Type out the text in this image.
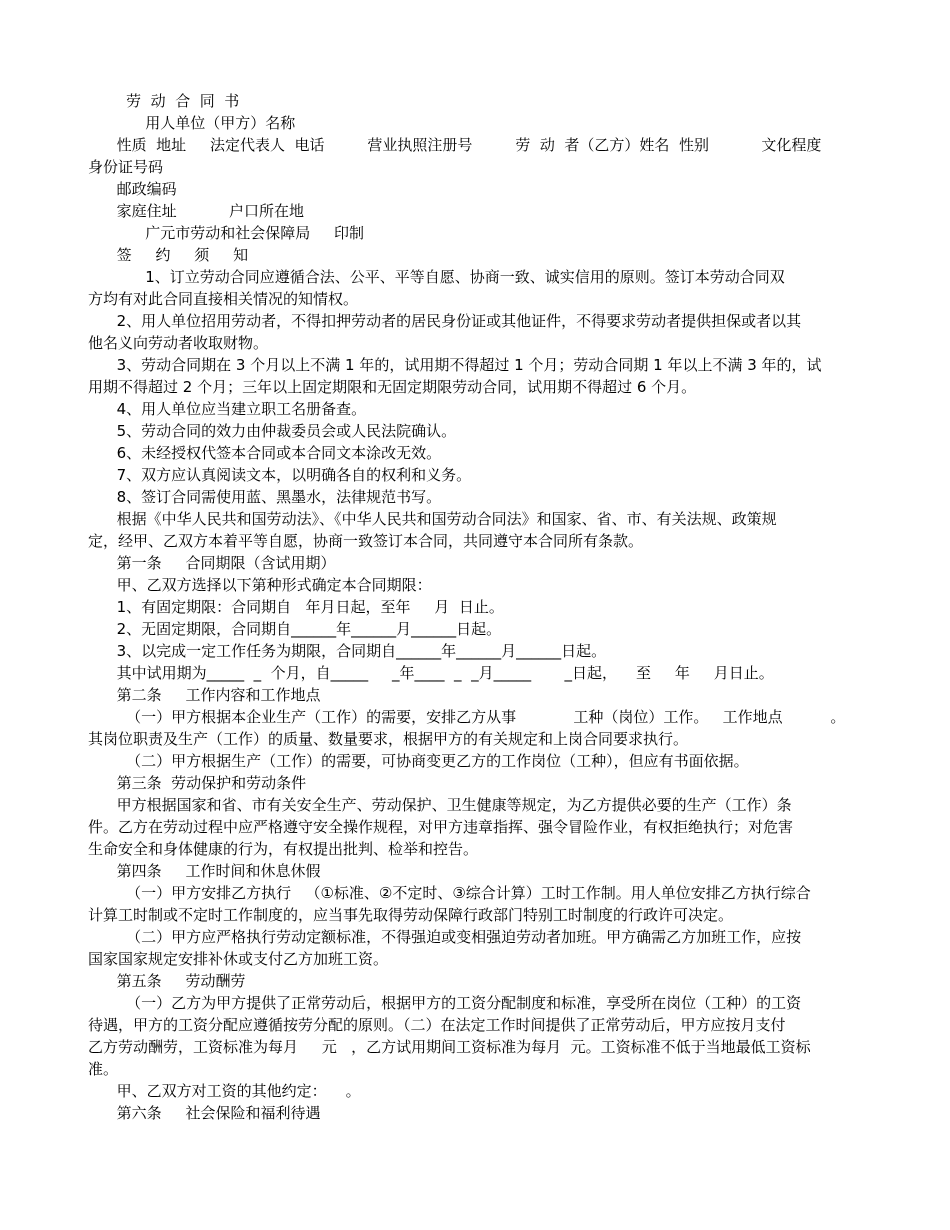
劳  动  合  同  书
用人单位（甲方）名称
性质  地址     法定代表人  电话         营业执照注册号         劳  动  者（乙方）姓名  性别           文化程度
身份证号码
邮政编码
家庭住址           户口所在地
广元市劳动和社会保障局     印制
签     约     须     知
1、订立劳动合同应遵循合法、公平、平等自愿、协商一致、诚实信用的原则。签订本劳动合同双
方均有对此合同直接相关情况的知情权。
2、用人单位招用劳动者，不得扣押劳动者的居民身份证或其他证件，不得要求劳动者提供担保或者以其
他名义向劳动者收取财物。
3、劳动合同期在 3 个月以上不满 1 年的，试用期不得超过 1 个月；劳动合同期 1 年以上不满 3 年的，试
用期不得超过 2 个月；三年以上固定期限和无固定期限劳动合同，试用期不得超过 6 个月。
4、用人单位应当建立职工名册备查。
5、劳动合同的效力由仲裁委员会或人民法院确认。
6、未经授权代签本合同或本合同文本涂改无效。
7、双方应认真阅读文本，以明确各自的权利和义务。
8、签订合同需使用蓝、黑墨水，法律规范书写。
根据《中华人民共和国劳动法》、《中华人民共和国劳动合同法》和国家、省、市、有关法规、政策规
定，经甲、乙双方本着平等自愿，协商一致签订本合同，共同遵守本合同所有条款。
第一条     合同期限（含试用期）
甲、乙双方选择以下第种形式确定本合同期限：
1、有固定期限：合同期自   年月日起，至年     月  日止。
2、无固定期限，合同期自______年______月______日起。
3、以完成一定工作任务为期限，合同期自______年______月______日起。
其中试用期为_____  _  个月，自_____     _年____  _  _月_____       _日起，    至     年     月日止。
第二条     工作内容和工作地点
（一）甲方根据本企业生产（工作）的需要，安排乙方从事            工种（岗位）工作。   工作地点          。
其岗位职责及生产（工作）的质量、数量要求，根据甲方的有关规定和上岗合同要求执行。
（二）甲方根据生产（工作）的需要，可协商变更乙方的工作岗位（工种），但应有书面依据。
第三条  劳动保护和劳动条件
甲方根据国家和省、市有关安全生产、劳动保护、卫生健康等规定，为乙方提供必要的生产（工作）条
件。乙方在劳动过程中应严格遵守安全操作规程，对甲方违章指挥、强令冒险作业，有权拒绝执行；对危害
生命安全和身体健康的行为，有权提出批判、检举和控告。
第四条     工作时间和休息休假
（一）甲方安排乙方执行   （①标准、②不定时、③综合计算）工时工作制。用人单位安排乙方执行综合
计算工时制或不定时工作制度的，应当事先取得劳动保障行政部门特别工时制度的行政许可决定。
（二）甲方应严格执行劳动定额标准，不得强迫或变相强迫劳动者加班。甲方确需乙方加班工作，应按
国家国家规定安排补休或支付乙方加班工资。
第五条     劳动酬劳
（一）乙方为甲方提供了正常劳动后，根据甲方的工资分配制度和标准，享受所在岗位（工种）的工资
待遇，甲方的工资分配应遵循按劳分配的原则。（二）在法定工作时间提供了正常劳动后，甲方应按月支付
乙方劳动酬劳，工资标准为每月     元   ，乙方试用期间工资标准为每月  元。工资标准不低于当地最低工资标
准。
甲、乙双方对工资的其他约定：    。
第六条     社会保险和福利待遇
